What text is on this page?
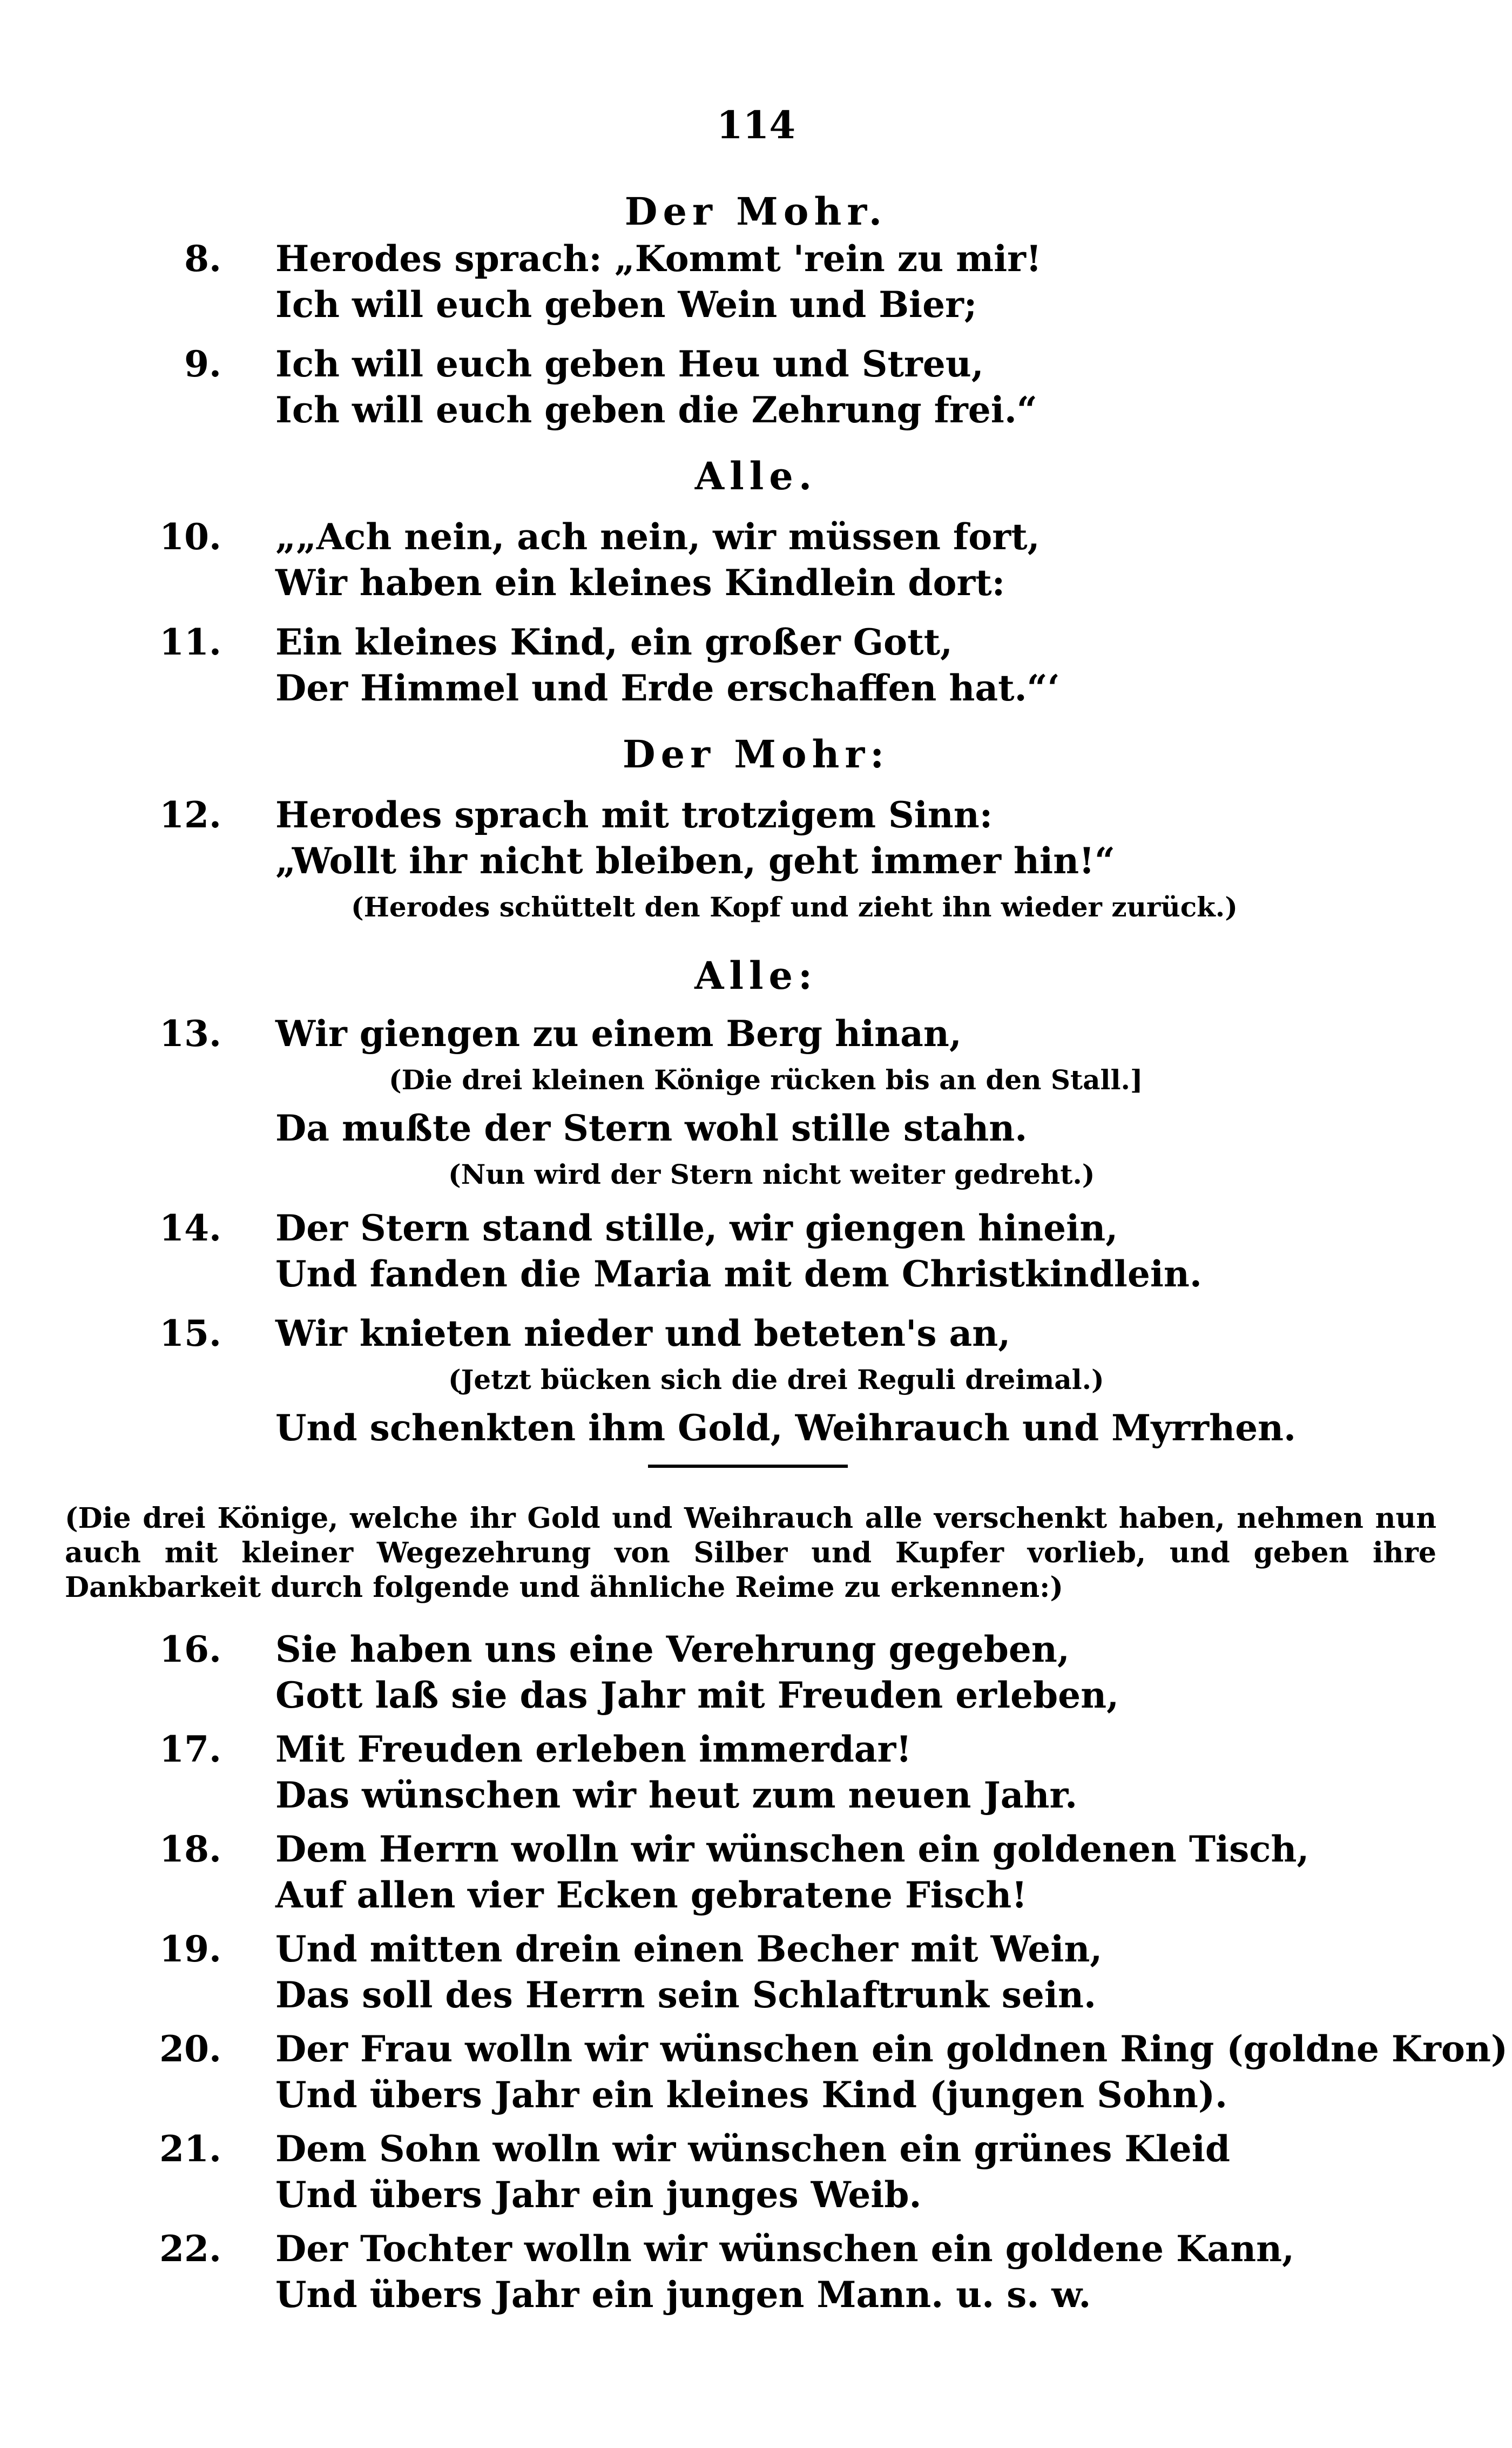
114
Der Mohr.
8. Herodes sprach: „Kommt 'rein zu mir!
Ich will euch geben Wein und Bier;
9. Ich will euch geben Heu und Streu,
Ich will euch geben die Zehrung frei.“
Alle.
10. „„Ach nein, ach nein, wir müssen fort,
Wir haben ein kleines Kindlein dort:
11. Ein kleines Kind, ein großer Gott,
Der Himmel und Erde erschaffen hat.“‘
Der Mohr:
12. Herodes sprach mit trotzigem Sinn:
„Wollt ihr nicht bleiben, geht immer hin!“
(Herodes schüttelt den Kopf und zieht ihn wieder zurück.)
Alle:
13. Wir giengen zu einem Berg hinan,
(Die drei kleinen Könige rücken bis an den Stall.]
Da mußte der Stern wohl stille stahn.
(Nun wird der Stern nicht weiter gedreht.)
14. Der Stern stand stille, wir giengen hinein,
Und fanden die Maria mit dem Christkindlein.
15. Wir knieten nieder und beteten's an,
(Jetzt bücken sich die drei Reguli dreimal.)
Und schenkten ihm Gold, Weihrauch und Myrrhen.
(Die drei Könige, welche ihr Gold und Weihrauch alle verschenkt haben, nehmen nun auch mit kleiner Wegezehrung von Silber und Kupfer vorlieb, und geben ihre Dankbarkeit durch folgende und ähnliche Reime zu erkennen:)
16. Sie haben uns eine Verehrung gegeben,
Gott laß sie das Jahr mit Freuden erleben,
17. Mit Freuden erleben immerdar!
Das wünschen wir heut zum neuen Jahr.
18. Dem Herrn wolln wir wünschen ein goldenen Tisch,
Auf allen vier Ecken gebratene Fisch!
19. Und mitten drein einen Becher mit Wein,
Das soll des Herrn sein Schlaftrunk sein.
20. Der Frau wolln wir wünschen ein goldnen Ring (goldne Kron)
Und übers Jahr ein kleines Kind (jungen Sohn).
21. Dem Sohn wolln wir wünschen ein grünes Kleid
Und übers Jahr ein junges Weib.
22. Der Tochter wolln wir wünschen ein goldene Kann,
Und übers Jahr ein jungen Mann. u. s. w.
